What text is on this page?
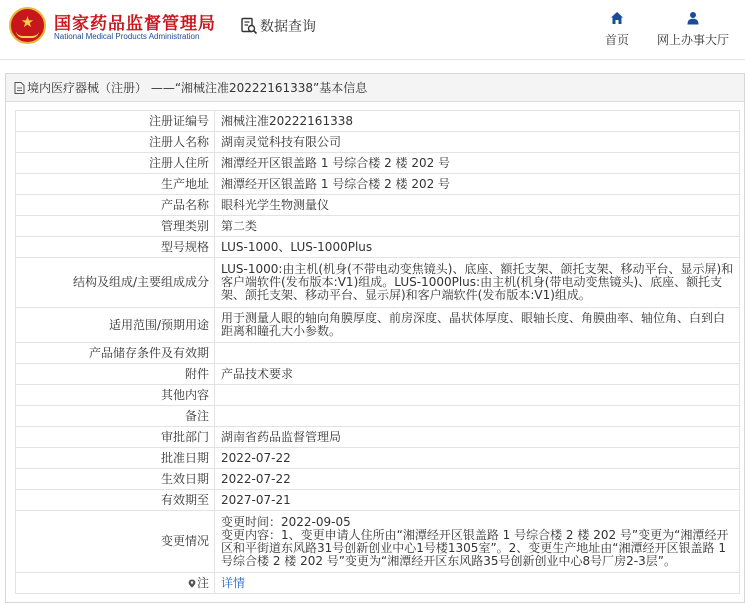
★	国家药品监督管理局
National Medical Products Administration
数据查询
首页	网上办事大厅
境内医疗器械（注册） ——“湘械注准20222161338”基本信息
注册证编号	湘械注准20222161338
注册人名称	湖南灵觉科技有限公司
注册人住所	湘潭经开区银盖路 1 号综合楼 2 楼 202 号
生产地址	湘潭经开区银盖路 1 号综合楼 2 楼 202 号
产品名称	眼科光学生物测量仪
管理类别	第二类
型号规格	LUS-1000、LUS-1000Plus
结构及组成/主要组成成分	LUS-1000:由主机(机身(不带电动变焦镜头)、底座、额托支架、颌托支架、移动平台、显示屏)和客户端软件(发布版本:V1)组成。LUS-1000Plus:由主机(机身(带电动变焦镜头)、底座、额托支架、颌托支架、移动平台、显示屏)和客户端软件(发布版本:V1)组成。
适用范围/预期用途	用于测量人眼的轴向角膜厚度、前房深度、晶状体厚度、眼轴长度、角膜曲率、轴位角、白到白距离和瞳孔大小参数。
产品储存条件及有效期	
附件	产品技术要求
其他内容	
备注	
审批部门	湖南省药品监督管理局
批准日期	2022-07-22
生效日期	2022-07-22
有效期至	2027-07-21
变更情况	变更时间：2022-09-05
变更内容：1、变更申请人住所由“湘潭经开区银盖路 1 号综合楼 2 楼 202 号”变更为“湘潭经开区和平街道东风路31号创新创业中心1号楼1305室”。2、变更生产地址由“湘潭经开区银盖路 1 号综合楼 2 楼 202 号”变更为“湘潭经开区东风路35号创新创业中心8号厂房2-3层”。

注	详情
